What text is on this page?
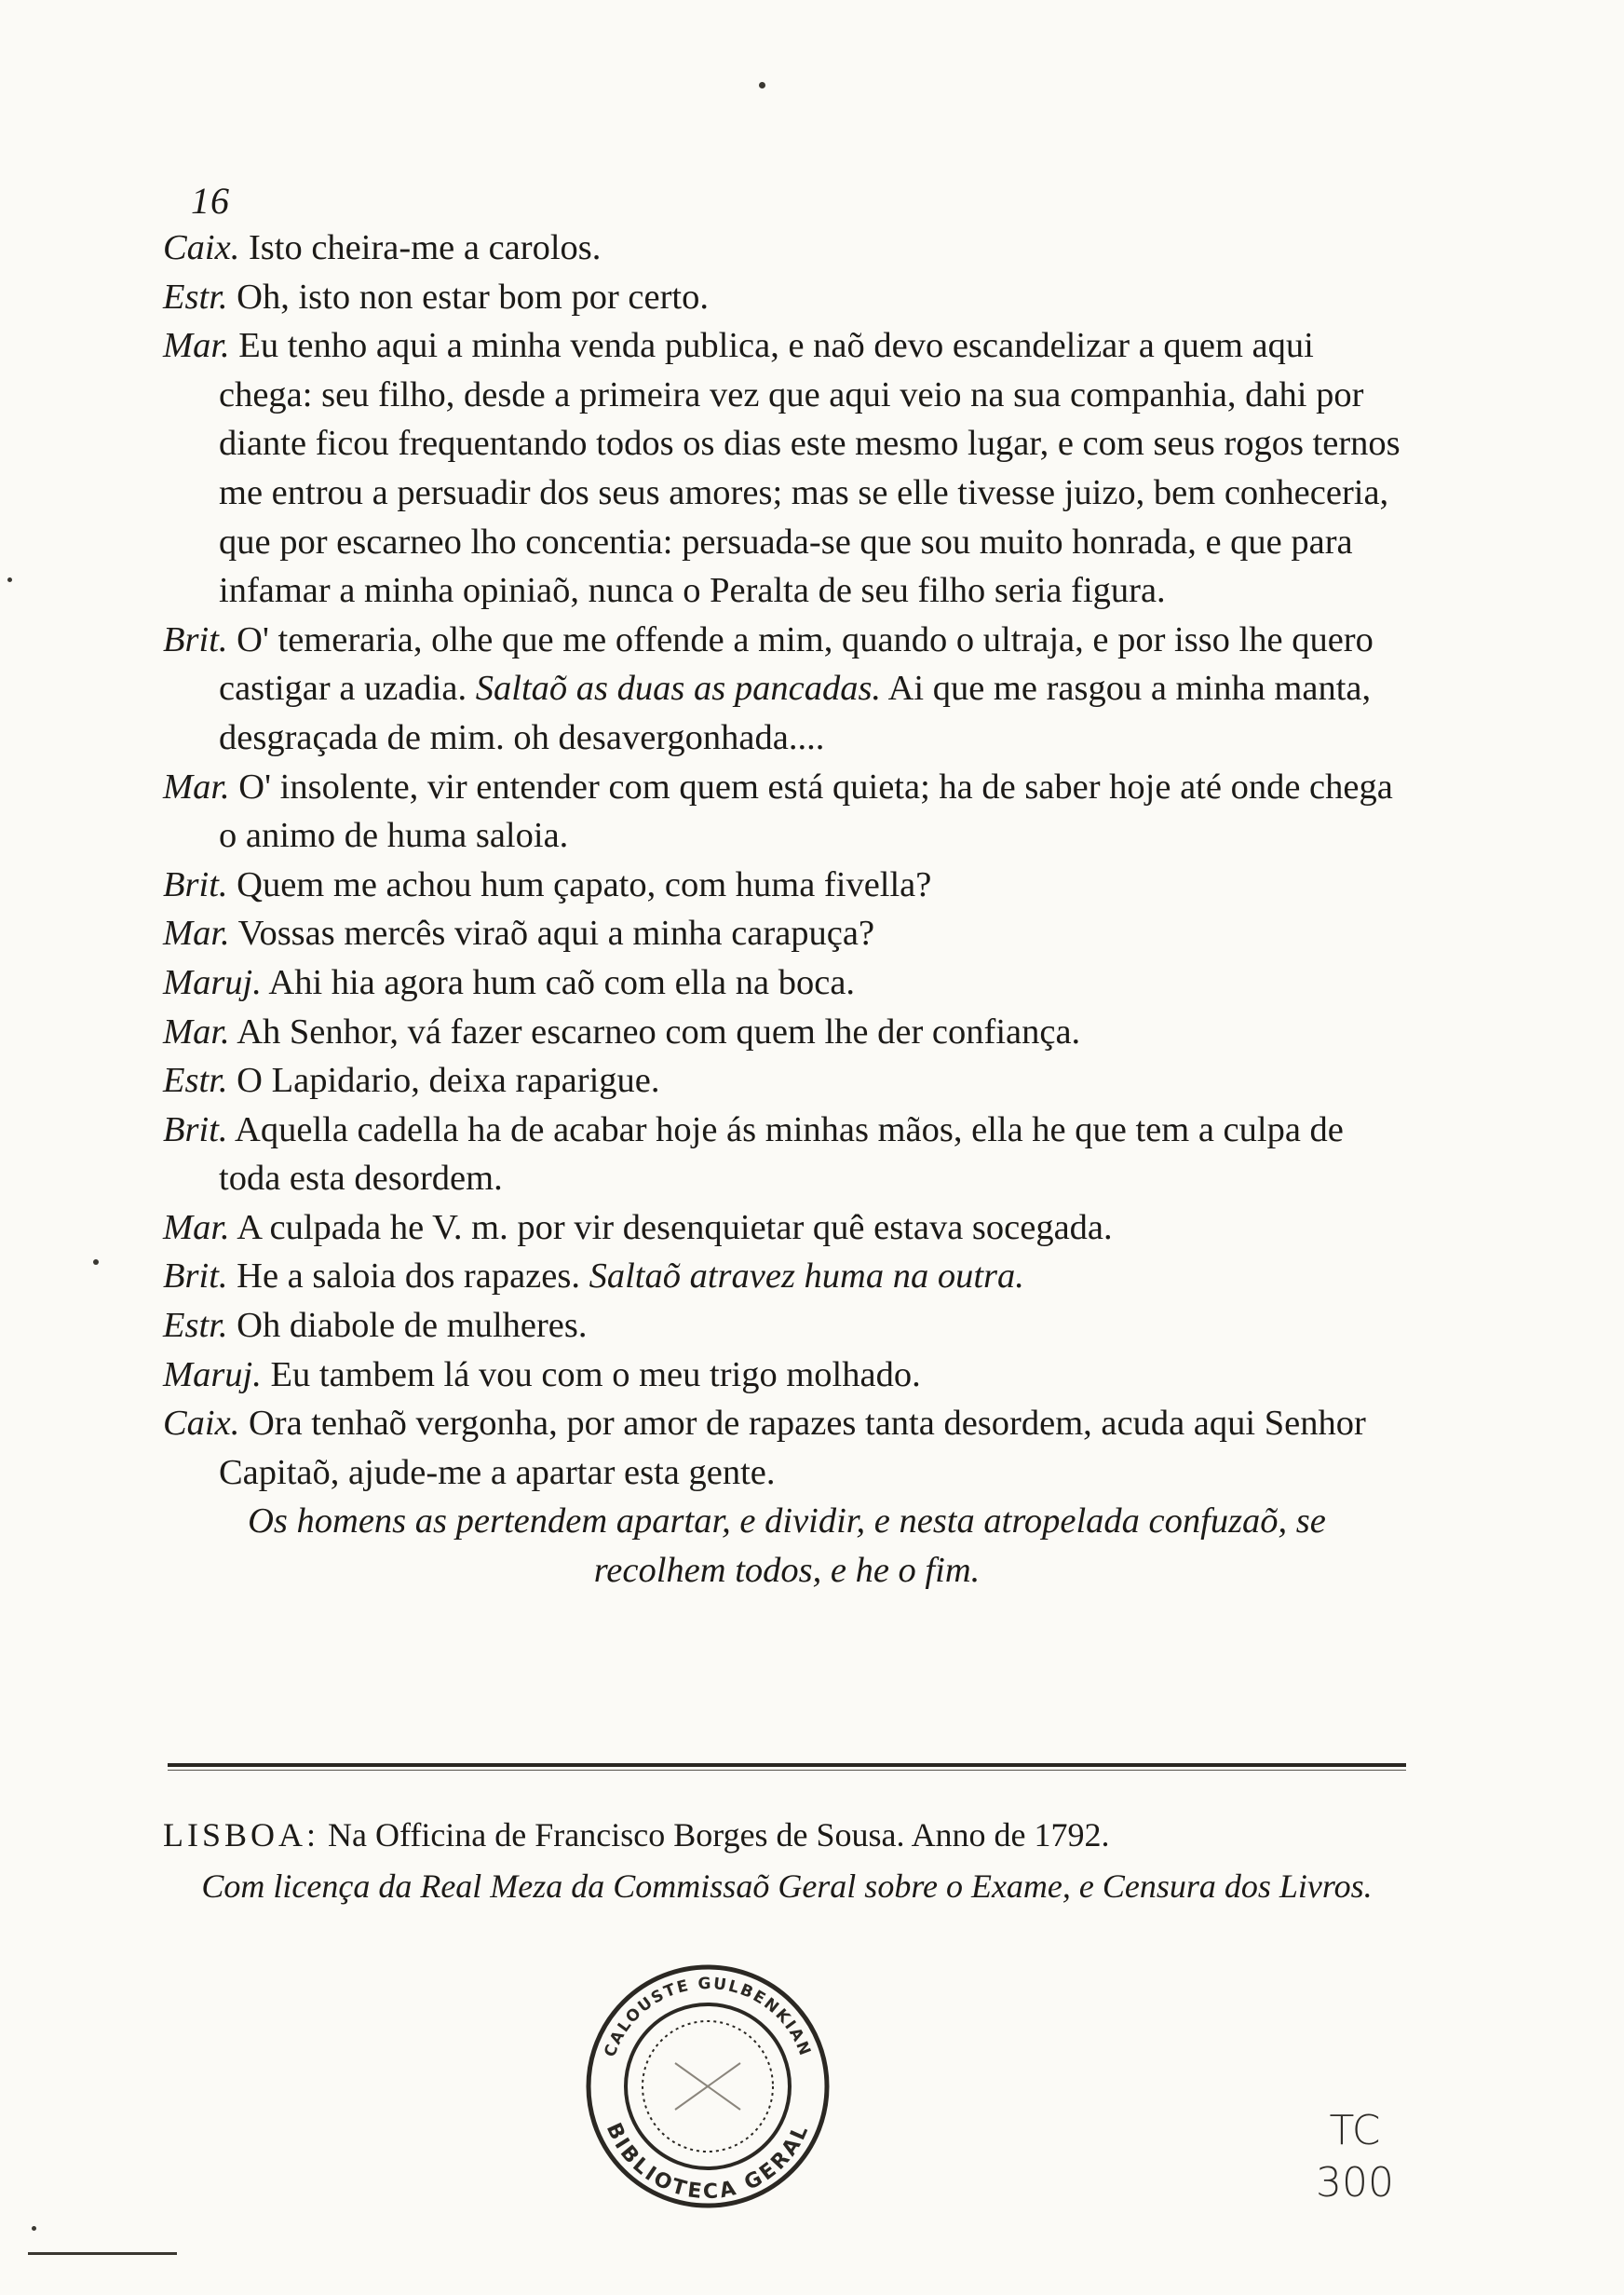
16

Caix. Isto cheira-me a carolos.

Estr. Oh, isto non estar bom por certo.

Mar. Eu tenho aqui a minha venda publica, e naõ devo escandelizar a quem aqui chega: seu filho, desde a primeira vez que aqui veio na sua companhia, dahi por diante ficou frequentando todos os dias este mesmo lugar, e com seus rogos ternos me entrou a persuadir dos seus amores; mas se elle tivesse juizo, bem conheceria, que por escarneo lho concentia: persuada-se que sou muito honrada, e que para infamar a minha opiniaõ, nunca o Peralta de seu filho seria figura.

Brit. O' temeraria, olhe que me offende a mim, quando o ultraja, e por isso lhe quero castigar a uzadia. Saltaõ as duas as pancadas. Ai que me rasgou a minha manta, desgraçada de mim. oh desavergonhada....

Mar. O' insolente, vir entender com quem está quieta; ha de saber hoje até onde chega o animo de huma saloia.

Brit. Quem me achou hum çapato, com huma fivella?

Mar. Vossas mercês viraõ aqui a minha carapuça?

Maruj. Ahi hia agora hum caõ com ella na boca.

Mar. Ah Senhor, vá fazer escarneo com quem lhe der confiança.

Estr. O Lapidario, deixa raparigue.

Brit. Aquella cadella ha de acabar hoje ás minhas mãos, ella he que tem a culpa de toda esta desordem.

Mar. A culpada he V. m. por vir desenquietar quê estava socegada.

Brit. He a saloia dos rapazes. Saltaõ atravez huma na outra.

Estr. Oh diabole de mulheres.

Maruj. Eu tambem lá vou com o meu trigo molhado.

Caix. Ora tenhaõ vergonha, por amor de rapazes tanta desordem, acuda aqui Senhor Capitaõ, ajude-me a apartar esta gente.

Os homens as pertendem apartar, e dividir, e nesta atropelada confuzaõ, se recolhem todos, e he o fim.

LISBOA: Na Officina de Francisco Borges de Sousa. Anno de 1792.

Com licença da Real Meza da Commissaõ Geral sobre o Exame, e Censura dos Livros.

CALOUSTE GULBENKIAN
BIBLIOTECA GERAL	TC
300
